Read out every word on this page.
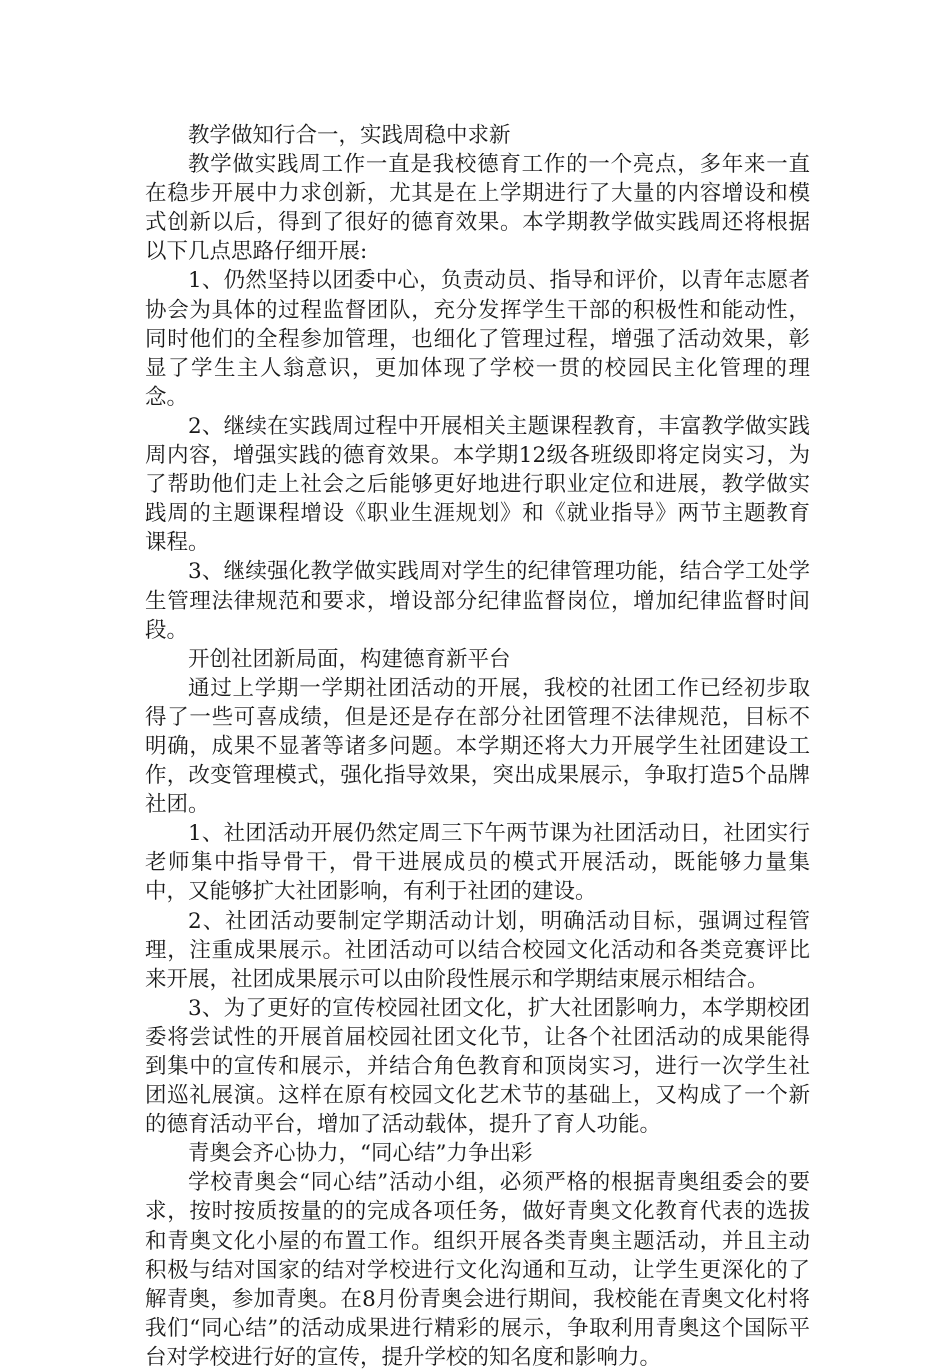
教学做知行合一，实践周稳中求新

教学做实践周工作一直是我校德育工作的一个亮点，多年来一直在稳步开展中力求创新，尤其是在上学期进行了大量的内容增设和模式创新以后，得到了很好的德育效果。本学期教学做实践周还将根据以下几点思路仔细开展:

1、仍然坚持以团委中心，负责动员、指导和评价，以青年志愿者协会为具体的过程监督团队，充分发挥学生干部的积极性和能动性，同时他们的全程参加管理，也细化了管理过程，增强了活动效果，彰显了学生主人翁意识，更加体现了学校一贯的校园民主化管理的理念。

2、继续在实践周过程中开展相关主题课程教育，丰富教学做实践周内容，增强实践的德育效果。本学期12级各班级即将定岗实习，为了帮助他们走上社会之后能够更好地进行职业定位和进展，教学做实践周的主题课程增设《职业生涯规划》和《就业指导》两节主题教育课程。

3、继续强化教学做实践周对学生的纪律管理功能，结合学工处学生管理法律规范和要求，增设部分纪律监督岗位，增加纪律监督时间段。

开创社团新局面，构建德育新平台

通过上学期一学期社团活动的开展，我校的社团工作已经初步取得了一些可喜成绩，但是还是存在部分社团管理不法律规范，目标不明确，成果不显著等诸多问题。本学期还将大力开展学生社团建设工作，改变管理模式，强化指导效果，突出成果展示，争取打造5个品牌社团。

1、社团活动开展仍然定周三下午两节课为社团活动日，社团实行老师集中指导骨干，骨干进展成员的模式开展活动，既能够力量集中，又能够扩大社团影响，有利于社团的建设。

2、社团活动要制定学期活动计划，明确活动目标，强调过程管理，注重成果展示。社团活动可以结合校园文化活动和各类竞赛评比来开展，社团成果展示可以由阶段性展示和学期结束展示相结合。

3、为了更好的宣传校园社团文化，扩大社团影响力，本学期校团委将尝试性的开展首届校园社团文化节，让各个社团活动的成果能得到集中的宣传和展示，并结合角色教育和顶岗实习，进行一次学生社团巡礼展演。这样在原有校园文化艺术节的基础上，又构成了一个新的德育活动平台，增加了活动载体，提升了育人功能。

青奥会齐心协力，“同心结”力争出彩

学校青奥会“同心结”活动小组，必须严格的根据青奥组委会的要求，按时按质按量的的完成各项任务，做好青奥文化教育代表的选拔和青奥文化小屋的布置工作。组织开展各类青奥主题活动，并且主动积极与结对国家的结对学校进行文化沟通和互动，让学生更深化的了解青奥，参加青奥。在8月份青奥会进行期间，我校能在青奥文化村将我们“同心结”的活动成果进行精彩的展示，争取利用青奥这个国际平台对学校进行好的宣传，提升学校的知名度和影响力。
